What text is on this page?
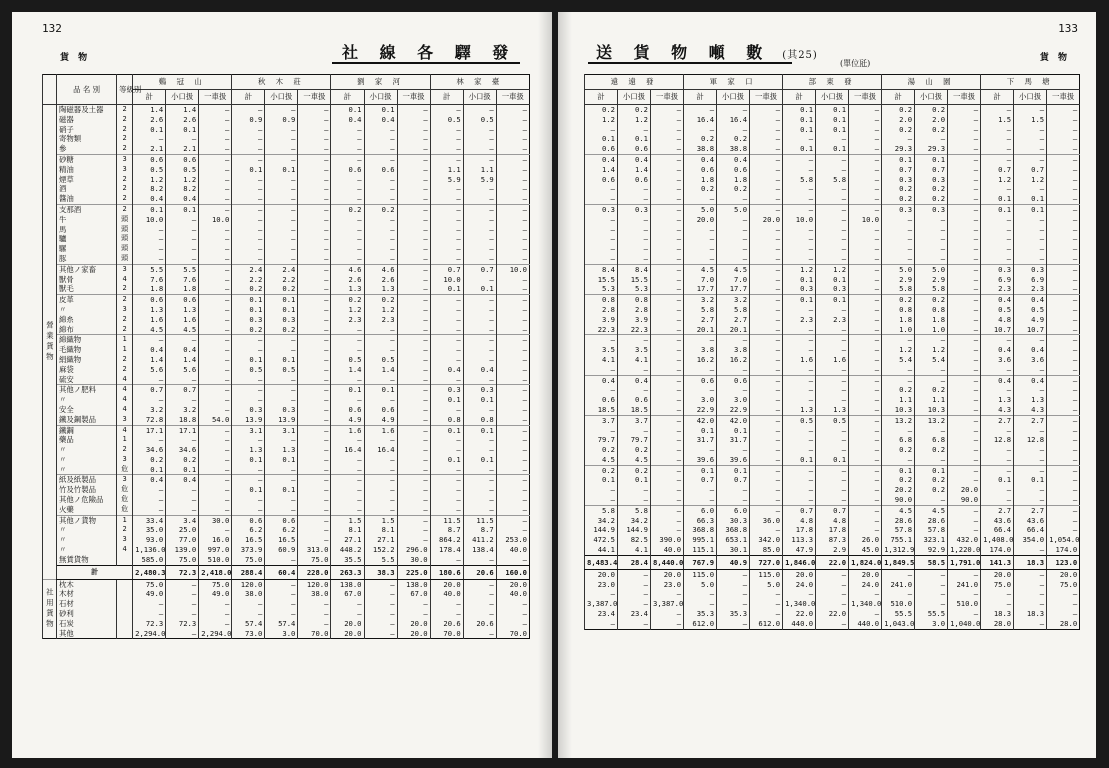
132
貨 物	社 線 各 驛 發
	品 名 別	等級別	鷄 冠 山			秋 木 莊			劉 家 河			林 家 臺		
			計	小口扱	一車扱	計	小口扱	一車扱	計	小口扱	一車扱	計	小口扱	一車扱
營業貨物	陶磁器及土器	2	1.4	1.4	—	—	—	—	0.1	0.1	—	—	—	—
	磁器	2	2.6	2.6	—	0.9	0.9	—	0.4	0.4	—	0.5	0.5	—
	硝子	2	0.1	0.1	—	—	—	—	—	—	—	—	—	—
	寄物類	2	—	—	—	—	—	—	—	—	—	—	—	—
	參	2	2.1	2.1	—	—	—	—	—	—	—	—	—	—
	砂糖	3	0.6	0.6	—	—	—	—	—	—	—	—	—	—
	精油	3	0.5	0.5	—	0.1	0.1	—	0.6	0.6	—	1.1	1.1	—
	煙草	2	1.2	1.2	—	—	—	—	—	—	—	5.9	5.9	—
	酒	2	8.2	8.2	—	—	—	—	—	—	—	—	—	—
	醬油	2	0.4	0.4	—	—	—	—	—	—	—	—	—	—
	支那酒	2	0.1	0.1	—	—	—	—	0.2	0.2	—	—	—	—
	牛	頭	10.0	—	10.0	—	—	—	—	—	—	—	—	—
	馬	頭	—	—	—	—	—	—	—	—	—	—	—	—
	驢	頭	—	—	—	—	—	—	—	—	—	—	—	—
	騾	頭	—	—	—	—	—	—	—	—	—	—	—	—
	豚	頭	—	—	—	—	—	—	—	—	—	—	—	—
	其他ノ家畜	3	5.5	5.5	—	2.4	2.4	—	4.6	4.6	—	0.7	0.7	10.0
	獸骨	4	7.6	7.6	—	2.2	2.2	—	2.6	2.6	—	10.0	—	—
	獸毛	2	1.8	1.8	—	0.2	0.2	—	1.3	1.3	—	0.1	0.1	—
	皮革	2	0.6	0.6	—	0.1	0.1	—	0.2	0.2	—	—	—	—
	〃	3	1.3	1.3	—	0.1	0.1	—	1.2	1.2	—	—	—	—
	綿糸	2	1.6	1.6	—	0.3	0.3	—	2.3	2.3	—	—	—	—
	綿布	2	4.5	4.5	—	0.2	0.2	—	—	—	—	—	—	—
	綿織物	1	—	—	—	—	—	—	—	—	—	—	—	—
	毛織物	1	0.4	0.4	—	—	—	—	—	—	—	—	—	—
	絹織物	2	1.4	1.4	—	0.1	0.1	—	0.5	0.5	—	—	—	—
	麻袋	2	5.6	5.6	—	0.5	0.5	—	1.4	1.4	—	0.4	0.4	—
	硫安	4	—	—	—	—	—	—	—	—	—	—	—	—
	其他ノ肥料	4	0.7	0.7	—	—	—	—	0.1	0.1	—	0.3	0.3	—
	〃	4	—	—	—	—	—	—	—	—	—	0.1	0.1	—
	安全	4	3.2	3.2	—	0.3	0.3	—	0.6	0.6	—	—	—	—
	鐵及鋼製品	3	72.8	18.8	54.0	13.9	13.9	—	4.9	4.9	—	0.8	0.8	—
	鐵鋼	4	17.1	17.1	—	3.1	3.1	—	1.6	1.6	—	0.1	0.1	—
	藥品	1	—	—	—	—	—	—	—	—	—	—	—	—
	〃	2	34.6	34.6	—	1.3	1.3	—	16.4	16.4	—	—	—	—
	〃	3	0.2	0.2	—	0.1	0.1	—	—	—	—	0.1	0.1	—
	〃	危	0.1	0.1	—	—	—	—	—	—	—	—	—	—
	紙及紙製品	3	0.4	0.4	—	—	—	—	—	—	—	—	—	—
	竹及竹製品	危	—	—	—	0.1	0.1	—	—	—	—	—	—	—
	其他ノ危險品	危	—	—	—	—	—	—	—	—	—	—	—	—
	火藥	危	—	—	—	—	—	—	—	—	—	—	—	—
	其他ノ貨物	1	33.4	3.4	30.0	0.6	0.6	—	1.5	1.5	—	11.5	11.5	—
	〃	2	35.0	25.0	—	6.2	6.2	—	8.1	8.1	—	8.7	8.7	—
	〃	3	93.0	77.0	16.0	16.5	16.5	—	27.1	27.1	—	864.2	411.2	253.0
	〃	4	1,136.0	139.0	997.0	373.9	60.9	313.0	448.2	152.2	296.0	178.4	138.4	40.0
	無賃貨物		585.0	75.0	510.0	75.0	—	75.0	35.5	5.5	30.0	—	—	—
	計		2,480.3	72.3	2,418.0	288.4	60.4	228.0	263.3	38.3	225.0	180.6	20.6	160.0
社用貨物	枕木		75.0	—	75.0	120.0	—	120.0	138.0	—	138.0	20.0	—	20.0
	木材		49.0	—	49.0	38.0	—	38.0	67.0	—	67.0	40.0	—	40.0
	石材		—	—	—	—	—	—	—	—	—	—	—	—
	砂利		—	—	—	—	—	—	—	—	—	—	—	—
	石炭		72.3	72.3	—	57.4	57.4	—	20.0	—	20.0	20.6	20.6	—
	其他		2,294.0	—	2,294.0	73.0	3.0	70.0	20.0	—	20.0	70.0	—	70.0
133
貨 物
送 貨 物 噸 數 (其25)
(單位瓩)
遠 遠 發			軍 家 口			部 東 發			湯 山 園			下 馬 塘		
計	小口扱	一車扱	計	小口扱	一車扱	計	小口扱	一車扱	計	小口扱	一車扱	計	小口扱	一車扱
0.2	0.2	—	—	—	—	0.1	0.1	—	0.2	0.2	—	—	—	—
1.2	1.2	—	16.4	16.4	—	0.1	0.1	—	2.0	2.0	—	1.5	1.5	—
—	—	—	—	—	—	0.1	0.1	—	0.2	0.2	—	—	—	—
0.1	0.1	—	0.2	0.2	—	—	—	—	—	—	—	—	—	—
0.6	0.6	—	38.8	38.8	—	0.1	0.1	—	29.3	29.3	—	—	—	—
0.4	0.4	—	0.4	0.4	—	—	—	—	0.1	0.1	—	—	—	—
1.4	1.4	—	0.6	0.6	—	—	—	—	0.7	0.7	—	0.7	0.7	—
0.6	0.6	—	1.8	1.8	—	5.8	5.8	—	0.3	0.3	—	1.2	1.2	—
—	—	—	0.2	0.2	—	—	—	—	0.2	0.2	—	—	—	—
—	—	—	—	—	—	—	—	—	0.2	0.2	—	0.1	0.1	—
0.3	0.3	—	5.0	5.0	—	—	—	—	0.3	0.3	—	0.1	0.1	—
—	—	—	20.0	—	20.0	10.0	—	10.0	—	—	—	—	—	—
—	—	—	—	—	—	—	—	—	—	—	—	—	—	—
—	—	—	—	—	—	—	—	—	—	—	—	—	—	—
—	—	—	—	—	—	—	—	—	—	—	—	—	—	—
—	—	—	—	—	—	—	—	—	—	—	—	—	—	—
8.4	8.4	—	4.5	4.5	—	1.2	1.2	—	5.0	5.0	—	0.3	0.3	—
15.5	15.5	—	7.0	7.0	—	0.1	0.1	—	2.9	2.9	—	6.9	6.9	—
5.3	5.3	—	17.7	17.7	—	0.3	0.3	—	5.8	5.8	—	2.3	2.3	—
0.8	0.8	—	3.2	3.2	—	0.1	0.1	—	0.2	0.2	—	0.4	0.4	—
2.8	2.8	—	5.8	5.8	—	—	—	—	0.8	0.8	—	0.5	0.5	—
3.9	3.9	—	2.7	2.7	—	2.3	2.3	—	1.8	1.8	—	4.8	4.9	—
22.3	22.3	—	20.1	20.1	—	—	—	—	1.0	1.0	—	10.7	10.7	—
—	—	—	—	—	—	—	—	—	—	—	—	—	—	—
3.5	3.5	—	3.8	3.8	—	—	—	—	1.2	1.2	—	0.4	0.4	—
4.1	4.1	—	16.2	16.2	—	1.6	1.6	—	5.4	5.4	—	3.6	3.6	—
—	—	—	—	—	—	—	—	—	—	—	—	—	—	—
0.4	0.4	—	0.6	0.6	—	—	—	—	—	—	—	0.4	0.4	—
—	—	—	—	—	—	—	—	—	0.2	0.2	—	—	—	—
0.6	0.6	—	3.0	3.0	—	—	—	—	1.1	1.1	—	1.3	1.3	—
18.5	18.5	—	22.9	22.9	—	1.3	1.3	—	10.3	10.3	—	4.3	4.3	—
3.7	3.7	—	42.0	42.0	—	0.5	0.5	—	13.2	13.2	—	2.7	2.7	—
—	—	—	0.1	0.1	—	—	—	—	—	—	—	—	—	—
79.7	79.7	—	31.7	31.7	—	—	—	—	6.8	6.8	—	12.8	12.8	—
0.2	0.2	—	—	—	—	—	—	—	0.2	0.2	—	—	—	—
4.5	4.5	—	39.6	39.6	—	0.1	0.1	—	—	—	—	—	—	—
0.2	0.2	—	0.1	0.1	—	—	—	—	0.1	0.1	—	—	—	—
0.1	0.1	—	0.7	0.7	—	—	—	—	0.2	0.2	—	0.1	0.1	—
—	—	—	—	—	—	—	—	—	20.2	0.2	20.0	—	—	—
—	—	—	—	—	—	—	—	—	90.0	—	90.0	—	—	—
5.8	5.8	—	6.0	6.0	—	0.7	0.7	—	4.5	4.5	—	2.7	2.7	—
34.2	34.2	—	66.3	30.3	36.0	4.8	4.8	—	28.6	28.6	—	43.6	43.6	—
144.9	144.9	—	368.8	368.8	—	17.8	17.8	—	57.8	57.8	—	66.4	66.4	—
472.5	82.5	390.0	995.1	653.1	342.0	113.3	87.3	26.0	755.1	323.1	432.0	1,408.0	354.0	1,054.0
44.1	4.1	40.0	115.1	30.1	85.0	47.9	2.9	45.0	1,312.9	92.9	1,220.0	174.0	—	174.0
8,483.4	28.4	8,440.0	767.9	40.9	727.0	1,846.0	22.0	1,824.0	1,849.5	58.5	1,791.0	141.3	18.3	123.0
20.0	—	20.0	115.0	—	115.0	20.0	—	20.0	—	—	—	20.0	—	20.0
23.0	—	23.0	5.0	—	5.0	24.0	—	24.0	241.0	—	241.0	75.0	—	75.0
—	—	—	—	—	—	—	—	—	—	—	—	—	—	—
3,387.0	—	3,387.0	—	—	—	1,340.0	—	1,340.0	510.0	—	510.0	—	—	—
23.4	23.4	—	35.3	35.3	—	22.0	22.0	—	55.5	55.5	—	18.3	18.3	—
—	—	—	612.0	—	612.0	440.0	—	440.0	1,043.0	3.0	1,040.0	28.0	—	28.0
